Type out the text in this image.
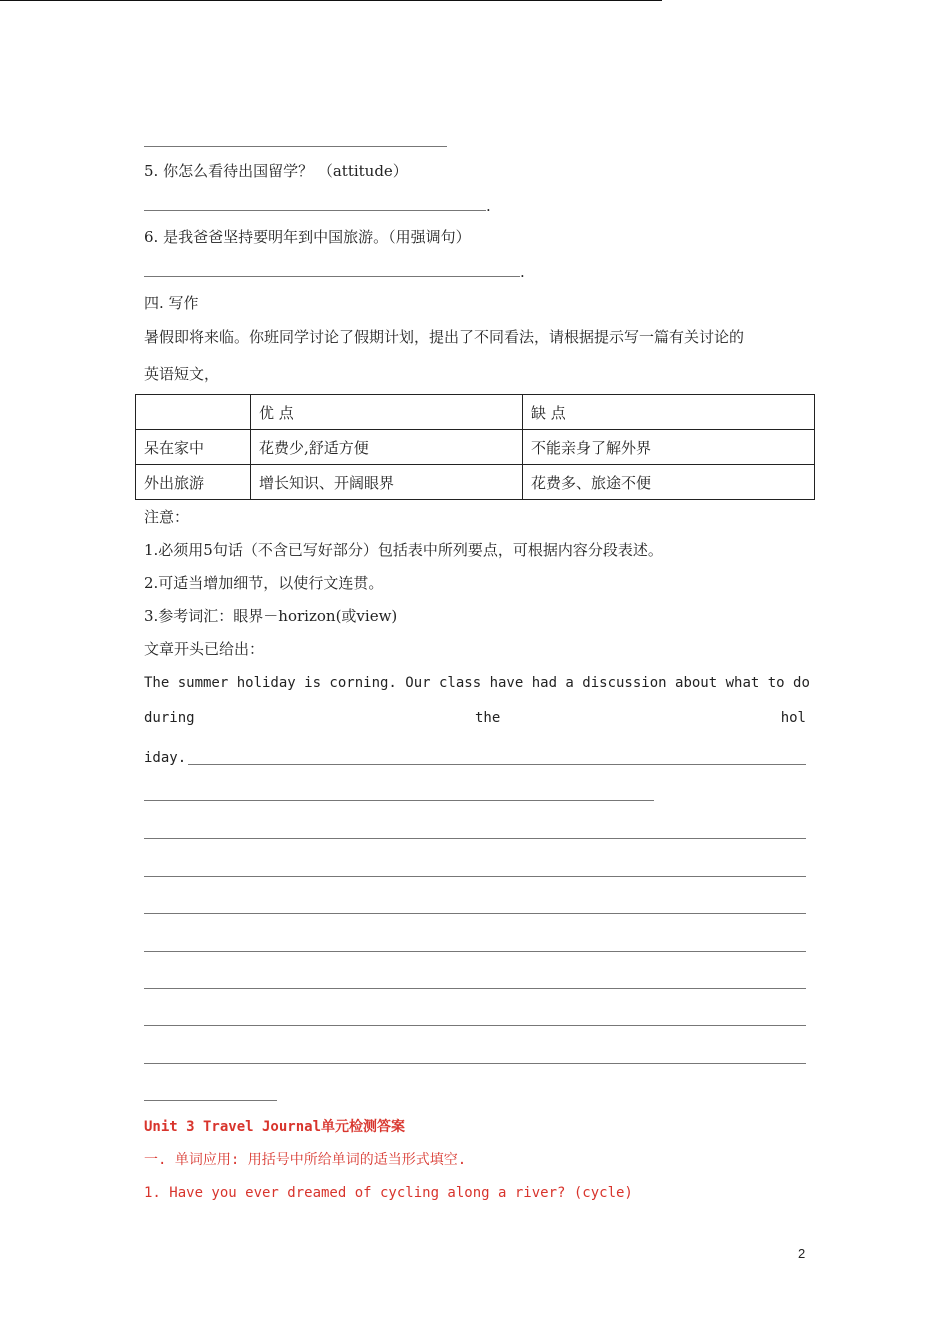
5. 你怎么看待出国留学？ （attitude）
.
6. 是我爸爸坚持要明年到中国旅游。（用强调句）
.
四. 写作
暑假即将来临。你班同学讨论了假期计划，提出了不同看法，请根据提示写一篇有关讨论的
英语短文，
	优 点	缺 点
呆在家中	花费少,舒适方便	不能亲身了解外界
外出旅游	增长知识、开阔眼界	花费多、旅途不便
注意：
1.必须用5句话（不含已写好部分）包括表中所列要点，可根据内容分段表述。
2.可适当增加细节，以使行文连贯。
3.参考词汇：眼界－horizon(或view)
文章开头已给出：
The summer holiday is corning. Our class have had a discussion about what to do
during	the	hol
iday.
Unit 3 Travel Journal单元检测答案
一. 单词应用: 用括号中所给单词的适当形式填空.
1. Have you ever dreamed of cycling along a river? (cycle)
2
